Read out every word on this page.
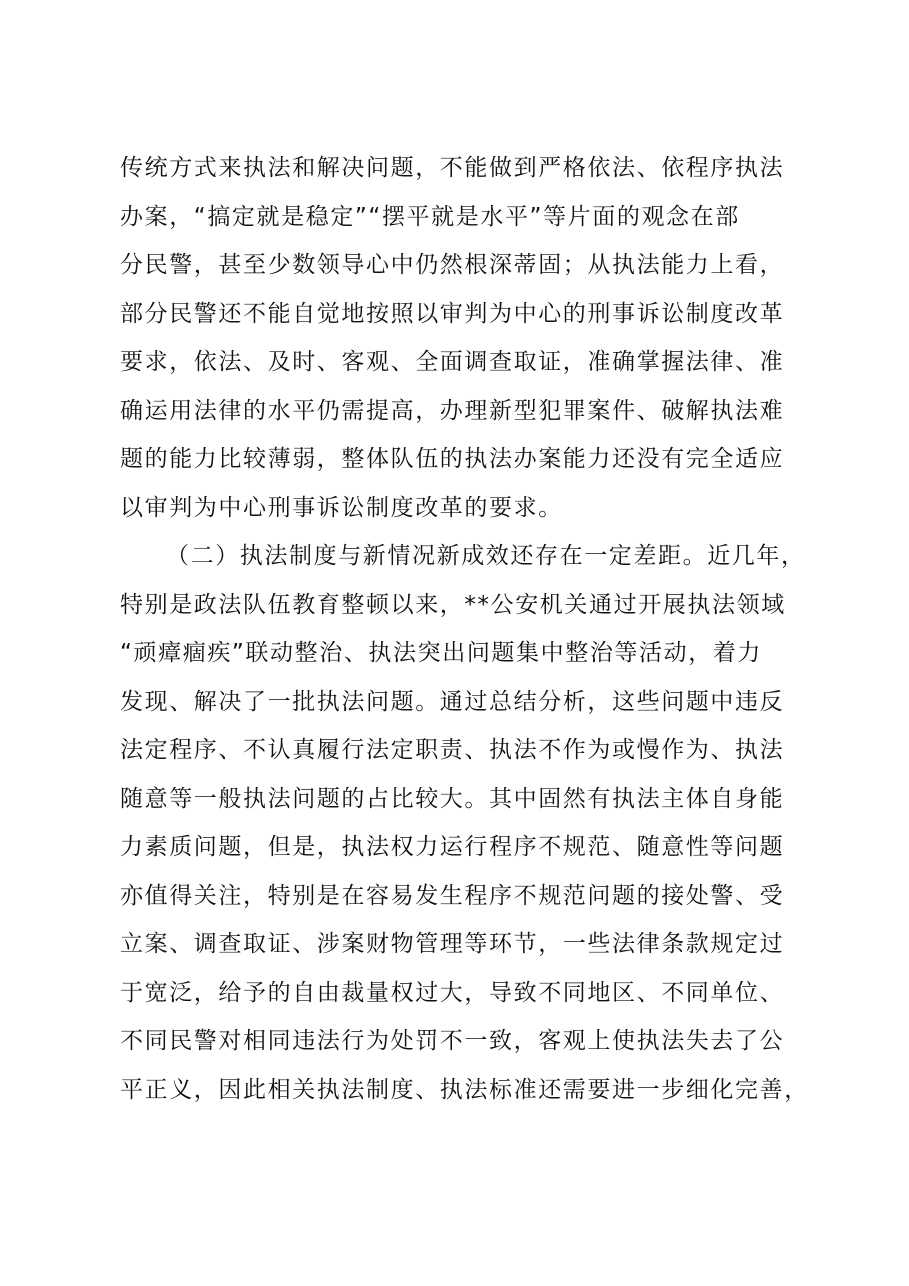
传统方式来执法和解决问题，不能做到严格依法、依程序执法
办案，“搞定就是稳定”“摆平就是水平”等片面的观念在部
分民警，甚至少数领导心中仍然根深蒂固；从执法能力上看，
部分民警还不能自觉地按照以审判为中心的刑事诉讼制度改革
要求，依法、及时、客观、全面调查取证，准确掌握法律、准
确运用法律的水平仍需提高，办理新型犯罪案件、破解执法难
题的能力比较薄弱，整体队伍的执法办案能力还没有完全适应
以审判为中心刑事诉讼制度改革的要求。
（二）执法制度与新情况新成效还存在一定差距。近几年，
特别是政法队伍教育整顿以来，**公安机关通过开展执法领域
“顽瘴痼疾”联动整治、执法突出问题集中整治等活动，着力
发现、解决了一批执法问题。通过总结分析，这些问题中违反
法定程序、不认真履行法定职责、执法不作为或慢作为、执法
随意等一般执法问题的占比较大。其中固然有执法主体自身能
力素质问题，但是，执法权力运行程序不规范、随意性等问题
亦值得关注，特别是在容易发生程序不规范问题的接处警、受
立案、调查取证、涉案财物管理等环节，一些法律条款规定过
于宽泛，给予的自由裁量权过大，导致不同地区、不同单位、
不同民警对相同违法行为处罚不一致，客观上使执法失去了公
平正义，因此相关执法制度、执法标准还需要进一步细化完善，
